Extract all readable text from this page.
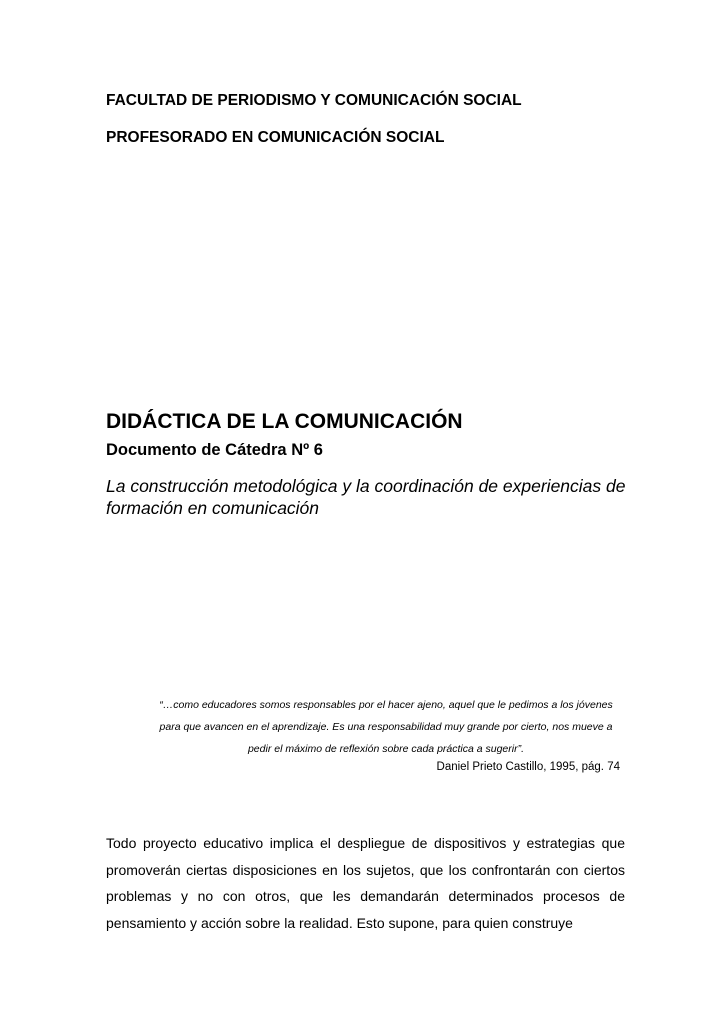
FACULTAD DE PERIODISMO Y COMUNICACIÓN SOCIAL
PROFESORADO EN COMUNICACIÓN SOCIAL
DIDÁCTICA DE LA COMUNICACIÓN
Documento de Cátedra Nº 6
La construcción metodológica y la coordinación de experiencias de formación en comunicación
“…como educadores somos responsables por el hacer ajeno, aquel que le pedimos a los jóvenes para que avancen en el aprendizaje. Es una responsabilidad muy grande por cierto, nos mueve a pedir el máximo de reflexión sobre cada práctica a sugerir”.
Daniel Prieto Castillo, 1995, pág. 74
Todo proyecto educativo implica el despliegue de dispositivos y estrategias que promoverán ciertas disposiciones en los sujetos, que los confrontarán con ciertos problemas y no con otros, que les demandarán determinados procesos de pensamiento y acción sobre la realidad. Esto supone, para quien construye
